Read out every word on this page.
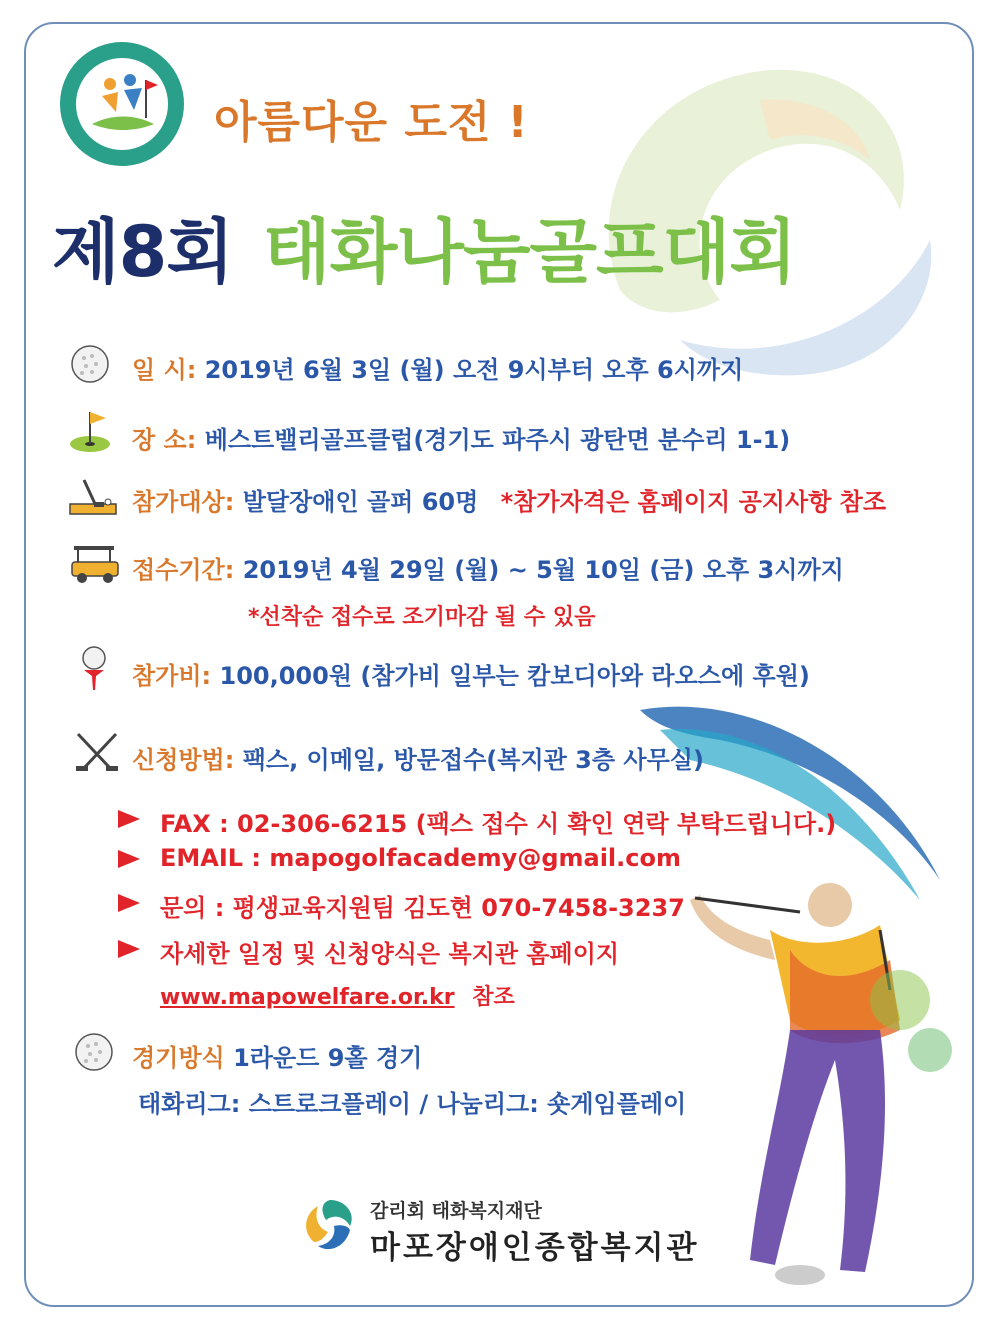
아름다운 도전 !
제8회 태화나눔골프대회
일 시: 2019년 6월 3일 (월) 오전 9시부터 오후 6시까지
장 소: 베스트밸리골프클럽(경기도 파주시 광탄면 분수리 1-1)
참가대상: 발달장애인 골퍼 60명 *참가자격은 홈페이지 공지사항 참조
접수기간: 2019년 4월 29일 (월) ~ 5월 10일 (금) 오후 3시까지
*선착순 접수로 조기마감 될 수 있음
참가비: 100,000원 (참가비 일부는 캄보디아와 라오스에 후원)
신청방법: 팩스, 이메일, 방문접수(복지관 3층 사무실)
FAX : 02-306-6215 (팩스 접수 시 확인 연락 부탁드립니다.)
EMAIL : mapogolfacademy@gmail.com
문의 : 평생교육지원팀 김도현 070-7458-3237
자세한 일정 및 신청양식은 복지관 홈페이지
www.mapowelfare.or.kr 참조
경기방식 1라운드 9홀 경기
태화리그: 스트로크플레이 / 나눔리그: 숏게임플레이
감리회 태화복지재단
마포장애인종합복지관
